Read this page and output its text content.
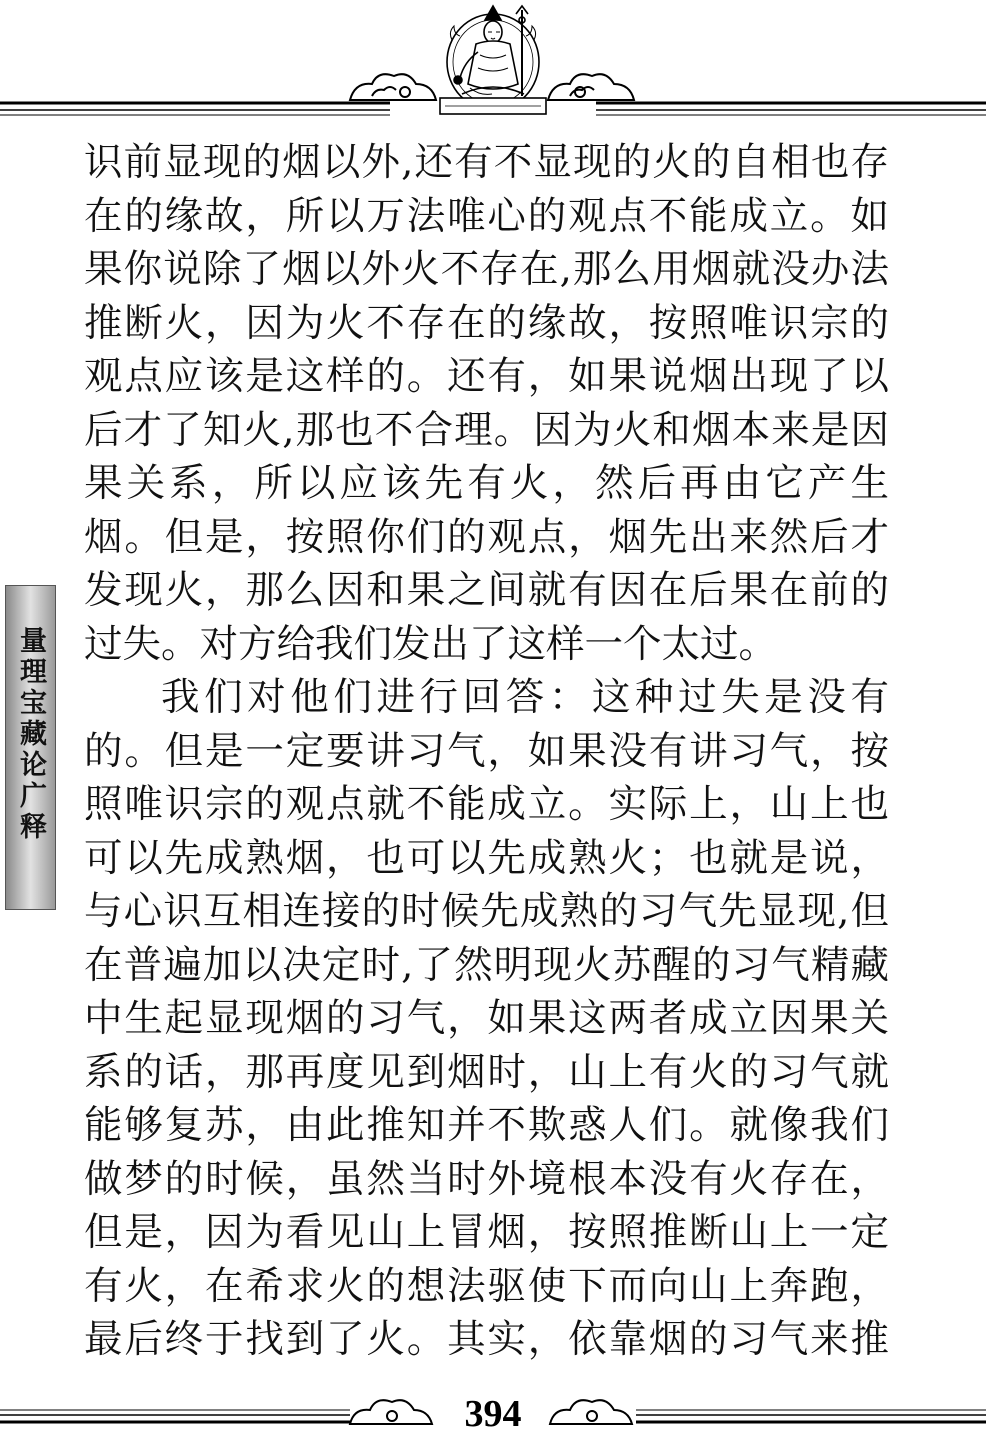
量理宝藏论广释

识前显现的烟以外,还有不显现的火的自相也存在的缘故，所以万法唯心的观点不能成立。如果你说除了烟以外火不存在,那么用烟就没办法推断火，因为火不存在的缘故，按照唯识宗的观点应该是这样的。还有，如果说烟出现了以后才了知火,那也不合理。因为火和烟本来是因果关系，所以应该先有火，然后再由它产生烟。但是，按照你们的观点，烟先出来然后才发现火，那么因和果之间就有因在后果在前的过失。对方给我们发出了这样一个太过。

我们对他们进行回答：这种过失是没有的。但是一定要讲习气，如果没有讲习气，按照唯识宗的观点就不能成立。实际上，山上也可以先成熟烟，也可以先成熟火；也就是说，与心识互相连接的时候先成熟的习气先显现,但在普遍加以决定时,了然明现火苏醒的习气精藏中生起显现烟的习气，如果这两者成立因果关系的话，那再度见到烟时，山上有火的习气就能够复苏，由此推知并不欺惑人们。就像我们做梦的时候，虽然当时外境根本没有火存在，但是，因为看见山上冒烟，按照推断山上一定有火，在希求火的想法驱使下而向山上奔跑，最后终于找到了火。其实，依靠烟的习气来推

394
